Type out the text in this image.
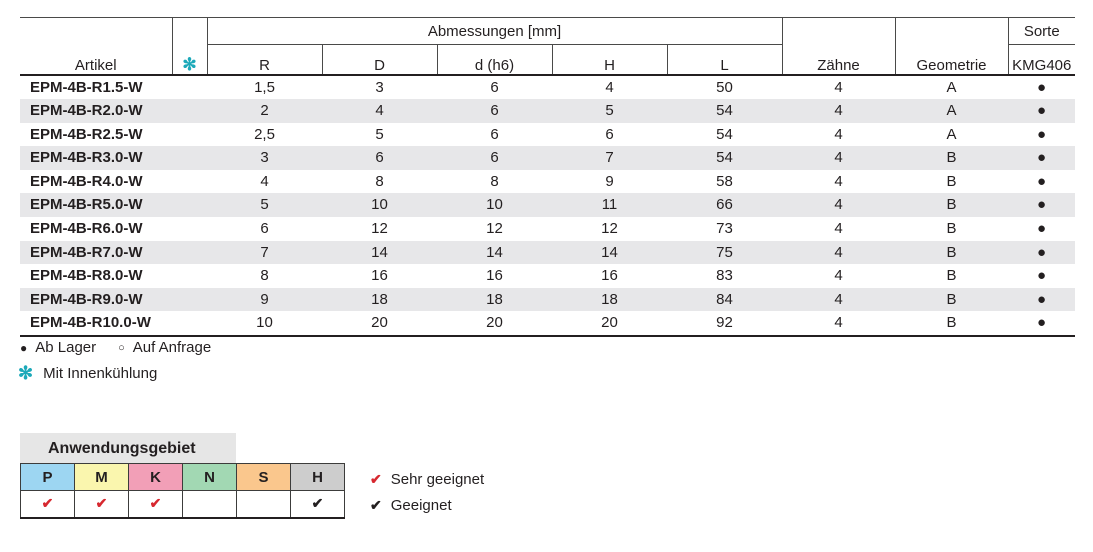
Artikel	✻	Abmessungen [mm]					Zähne	Geometrie	Sorte
		R	D	d (h6)	H	L			KMG406
EPM-4B-R1.5-W		1,5	3	6	4	50	4	A	●
EPM-4B-R2.0-W		2	4	6	5	54	4	A	●
EPM-4B-R2.5-W		2,5	5	6	6	54	4	A	●
EPM-4B-R3.0-W		3	6	6	7	54	4	B	●
EPM-4B-R4.0-W		4	8	8	9	58	4	B	●
EPM-4B-R5.0-W		5	10	10	11	66	4	B	●
EPM-4B-R6.0-W		6	12	12	12	73	4	B	●
EPM-4B-R7.0-W		7	14	14	14	75	4	B	●
EPM-4B-R8.0-W		8	16	16	16	83	4	B	●
EPM-4B-R9.0-W		9	18	18	18	84	4	B	●
EPM-4B-R10.0-W		10	20	20	20	92	4	B	●
● Ab Lager ○ Auf Anfrage
✻ Mit Innenkühlung
Anwendungsgebiet
P	M	K	N	S	H
✔	✔	✔			✔
✔ Sehr geeignet
✔ Geeignet
